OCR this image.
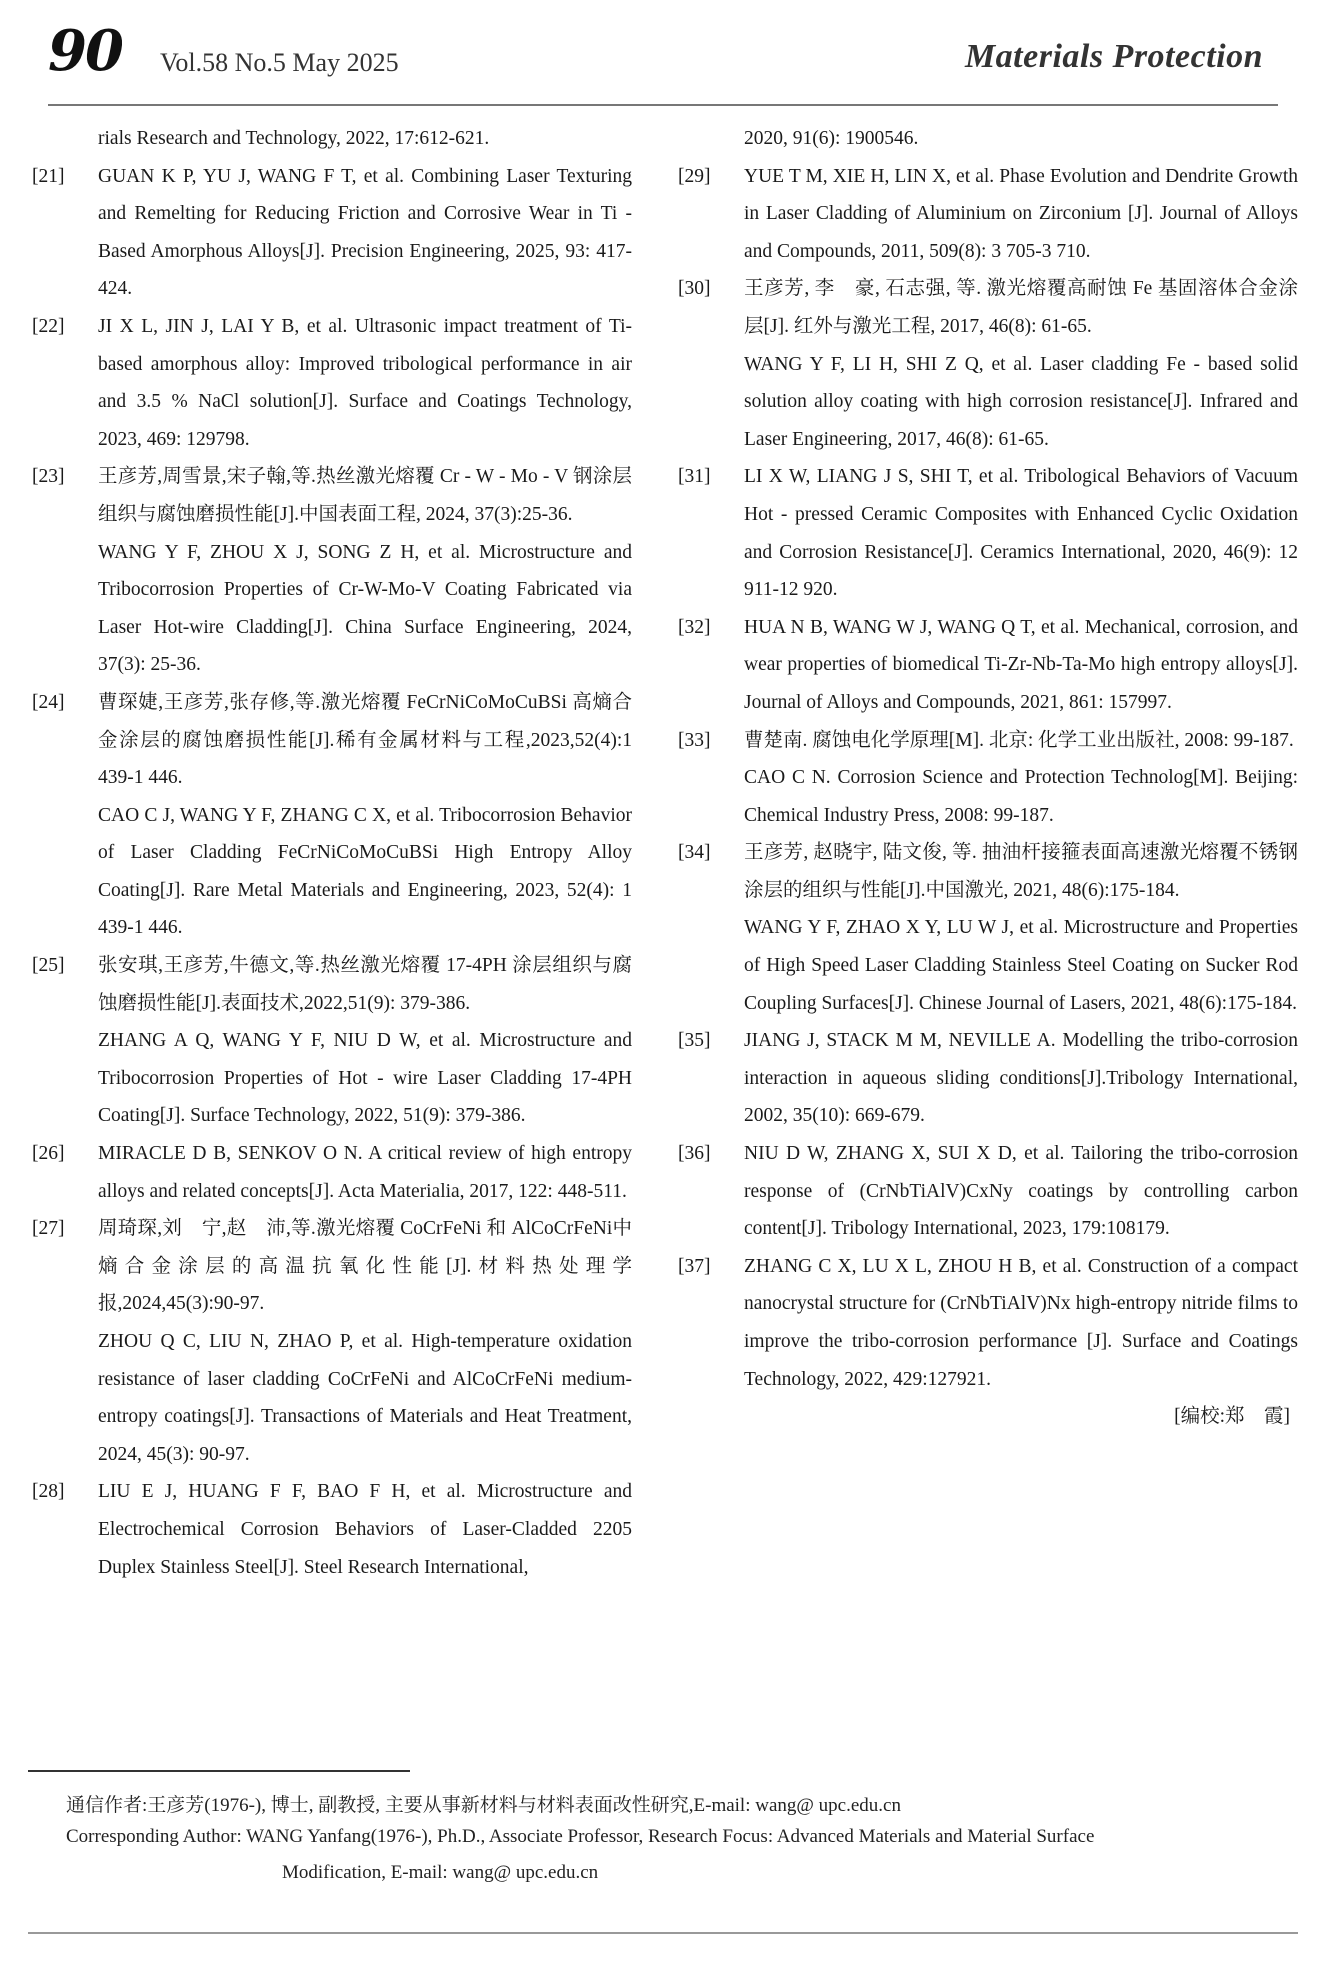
90 Vol.58 No.5 May 2025	Materials Protection

rials Research and Technology, 2022, 17:612-621.

[21] GUAN K P, YU J, WANG F T, et al. Combining Laser Texturing and Remelting for Reducing Friction and Corrosive Wear in Ti - Based Amorphous Alloys[J]. Precision Engineering, 2025, 93: 417-424.

[22] JI X L, JIN J, LAI Y B, et al. Ultrasonic impact treatment of Ti-based amorphous alloy: Improved tribological performance in air and 3.5 % NaCl solution[J]. Surface and Coatings Technology, 2023, 469: 129798.

[23] 王彦芳,周雪景,宋子翰,等.热丝激光熔覆 Cr - W - Mo - V 钢涂层组织与腐蚀磨损性能[J].中国表面工程, 2024, 37(3):25-36.

WANG Y F, ZHOU X J, SONG Z H, et al. Microstructure and Tribocorrosion Properties of Cr-W-Mo-V Coating Fabricated via Laser Hot-wire Cladding[J]. China Surface Engineering, 2024, 37(3): 25-36.

[24] 曹琛婕,王彦芳,张存修,等.激光熔覆 FeCrNiCoMoCuBSi 高熵合金涂层的腐蚀磨损性能[J].稀有金属材料与工程,2023,52(4):1 439-1 446.

CAO C J, WANG Y F, ZHANG C X, et al. Tribocorrosion Behavior of Laser Cladding FeCrNiCoMoCuBSi High Entropy Alloy Coating[J]. Rare Metal Materials and Engineering, 2023, 52(4): 1 439-1 446.

[25] 张安琪,王彦芳,牛德文,等.热丝激光熔覆 17-4PH 涂层组织与腐蚀磨损性能[J].表面技术,2022,51(9): 379-386.

ZHANG A Q, WANG Y F, NIU D W, et al. Microstructure and Tribocorrosion Properties of Hot - wire Laser Cladding 17-4PH Coating[J]. Surface Technology, 2022, 51(9): 379-386.

[26] MIRACLE D B, SENKOV O N. A critical review of high entropy alloys and related concepts[J]. Acta Materialia, 2017, 122: 448-511.

[27] 周琦琛,刘　宁,赵　沛,等.激光熔覆 CoCrFeNi 和 AlCoCrFeNi中熵合金涂层的高温抗氧化性能[J].材料热处理学报,2024,45(3):90-97.

ZHOU Q C, LIU N, ZHAO P, et al. High-temperature oxidation resistance of laser cladding CoCrFeNi and AlCoCrFeNi medium-entropy coatings[J]. Transactions of Materials and Heat Treatment, 2024, 45(3): 90-97.

[28] LIU E J, HUANG F F, BAO F H, et al. Microstructure and Electrochemical Corrosion Behaviors of Laser-Cladded 2205 Duplex Stainless Steel[J]. Steel Research International,

2020, 91(6): 1900546.

[29] YUE T M, XIE H, LIN X, et al. Phase Evolution and Dendrite Growth in Laser Cladding of Aluminium on Zirconium [J]. Journal of Alloys and Compounds, 2011, 509(8): 3 705-3 710.

[30] 王彦芳, 李　豪, 石志强, 等. 激光熔覆高耐蚀 Fe 基固溶体合金涂层[J]. 红外与激光工程, 2017, 46(8): 61-65.

WANG Y F, LI H, SHI Z Q, et al. Laser cladding Fe - based solid solution alloy coating with high corrosion resistance[J]. Infrared and Laser Engineering, 2017, 46(8): 61-65.

[31] LI X W, LIANG J S, SHI T, et al. Tribological Behaviors of Vacuum Hot - pressed Ceramic Composites with Enhanced Cyclic Oxidation and Corrosion Resistance[J]. Ceramics International, 2020, 46(9): 12 911-12 920.

[32] HUA N B, WANG W J, WANG Q T, et al. Mechanical, corrosion, and wear properties of biomedical Ti-Zr-Nb-Ta-Mo high entropy alloys[J]. Journal of Alloys and Compounds, 2021, 861: 157997.

[33] 曹楚南. 腐蚀电化学原理[M]. 北京: 化学工业出版社, 2008: 99-187.

CAO C N. Corrosion Science and Protection Technolog[M]. Beijing: Chemical Industry Press, 2008: 99-187.

[34] 王彦芳, 赵晓宇, 陆文俊, 等. 抽油杆接箍表面高速激光熔覆不锈钢涂层的组织与性能[J].中国激光, 2021, 48(6):175-184.

WANG Y F, ZHAO X Y, LU W J, et al. Microstructure and Properties of High Speed Laser Cladding Stainless Steel Coating on Sucker Rod Coupling Surfaces[J]. Chinese Journal of Lasers, 2021, 48(6):175-184.

[35] JIANG J, STACK M M, NEVILLE A. Modelling the tribo-corrosion interaction in aqueous sliding conditions[J].Tribology International, 2002, 35(10): 669-679.

[36] NIU D W, ZHANG X, SUI X D, et al. Tailoring the tribo-corrosion response of (CrNbTiAlV)CxNy coatings by controlling carbon content[J]. Tribology International, 2023, 179:108179.

[37] ZHANG C X, LU X L, ZHOU H B, et al. Construction of a compact nanocrystal structure for (CrNbTiAlV)Nx high-entropy nitride films to improve the tribo-corrosion performance [J]. Surface and Coatings Technology, 2022, 429:127921.

[编校:郑　霞]
通信作者:王彦芳(1976-), 博士, 副教授, 主要从事新材料与材料表面改性研究,E-mail: wang@ upc.edu.cn
Corresponding Author: WANG Yanfang(1976-), Ph.D., Associate Professor, Research Focus: Advanced Materials and Material Surface
Modification, E-mail: wang@ upc.edu.cn
